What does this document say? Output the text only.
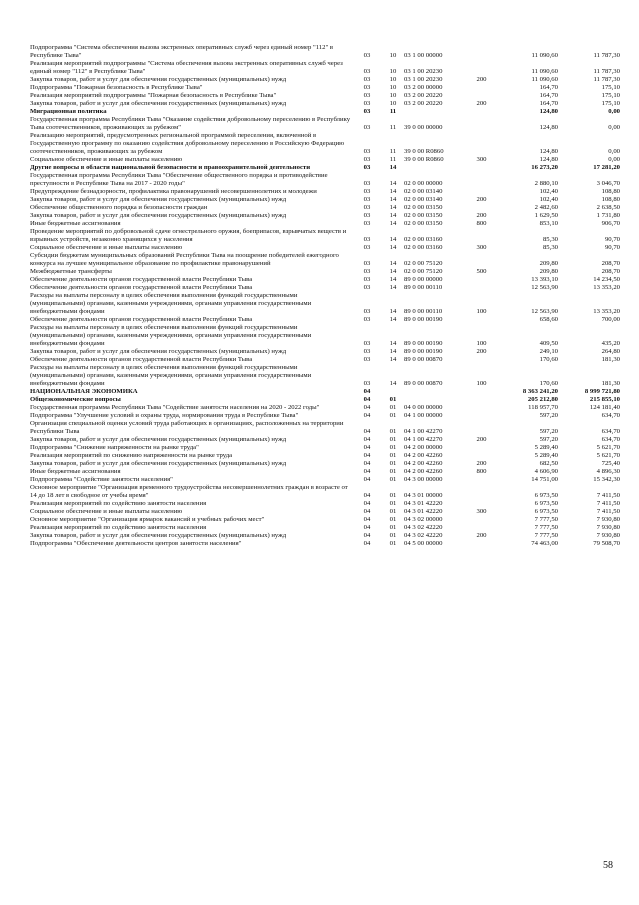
Подпрограмма "Система обеспечения вызова экстренных оперативных служб через единый номер "112" в Республике Тыва"	03	10	03 1 00 00000		11 090,60	11 787,30
Реализация мероприятий подпрограммы "Система обеспечения вызова экстренных оперативных служб через единый номер "112" в Республике Тыва"	03	10	03 1 00 20230		11 090,60	11 787,30
Закупка товаров, работ и услуг для обеспечения государственных (муниципальных) нужд	03	10	03 1 00 20230	200	11 090,60	11 787,30
Подпрограмма "Пожарная безопасность в Республике Тыва"	03	10	03 2 00 00000		164,70	175,10
Реализация мероприятий подпрограммы "Пожарная безопасность в Республике Тыва"	03	10	03 2 00 20220		164,70	175,10
Закупка товаров, работ и услуг для обеспечения государственных (муниципальных) нужд	03	10	03 2 00 20220	200	164,70	175,10
Миграционная политика	03	11			124,80	0,00
Государственная программа Республики Тыва "Оказание содействия добровольному переселению в Республику Тыва соотечественников, проживающих за рубежом"	03	11	39 0 00 00000		124,80	0,00
Реализацию мероприятий, предусмотренных региональной программой переселения, включенной в Государственную программу по оказанию содействия добровольному переселению в Российскую Федерацию соотечественников, проживающих за рубежом	03	11	39 0 00 R0860		124,80	0,00
Социальное обеспечение и иные выплаты населению	03	11	39 0 00 R0860	300	124,80	0,00
Другие вопросы в области национальной безопасности и правоохранительной деятельности	03	14			16 273,20	17 281,20
Государственная программа Республики Тыва "Обеспечение общественного порядка и противодействие преступности в Республике Тыва на 2017 - 2020 годы"	03	14	02 0 00 00000		2 880,10	3 046,70
Предупреждение безнадзорности, профилактика правонарушений несовершеннолетних и молодежи	03	14	02 0 00 03140		102,40	108,80
Закупка товаров, работ и услуг для обеспечения государственных (муниципальных) нужд	03	14	02 0 00 03140	200	102,40	108,80
Обеспечение общественного порядка и безопасности граждан	03	14	02 0 00 03150		2 482,60	2 638,50
Закупка товаров, работ и услуг для обеспечения государственных (муниципальных) нужд	03	14	02 0 00 03150	200	1 629,50	1 731,80
Иные бюджетные ассигнования	03	14	02 0 00 03150	800	853,10	906,70
Проведение мероприятий по добровольной сдаче огнестрельного оружия, боеприпасов, взрывчатых веществ и взрывных устройств, незаконно хранящихся у населения	03	14	02 0 00 03160		85,30	90,70
Социальное обеспечение и иные выплаты населению	03	14	02 0 00 03160	300	85,30	90,70
Субсидии бюджетам муниципальных образований Республики Тыва на поощрение победителей ежегодного конкурса на лучшее муниципальное образование по профилактике правонарушений	03	14	02 0 00 75120		209,80	208,70
Межбюджетные трансферты	03	14	02 0 00 75120	500	209,80	208,70
Обеспечение деятельности органов государственной власти Республики Тыва	03	14	89 0 00 00000		13 393,10	14 234,50
Обеспечение деятельности органов государственной власти Республики Тыва	03	14	89 0 00 00110		12 563,90	13 353,20
Расходы на выплаты персоналу в целях обеспечения выполнения функций государственными (муниципальными) органами, казенными учреждениями, органами управления государственными внебюджетными фондами	03	14	89 0 00 00110	100	12 563,90	13 353,20
Обеспечение деятельности органов государственной власти Республики Тыва	03	14	89 0 00 00190		658,60	700,00
Расходы на выплаты персоналу в целях обеспечения выполнения функций государственными (муниципальными) органами, казенными учреждениями, органами управления государственными внебюджетными фондами	03	14	89 0 00 00190	100	409,50	435,20
Закупка товаров, работ и услуг для обеспечения государственных (муниципальных) нужд	03	14	89 0 00 00190	200	249,10	264,80
Обеспечение деятельности органов государственной власти Республики Тыва	03	14	89 0 00 00870		170,60	181,30
Расходы на выплаты персоналу в целях обеспечения выполнения функций государственными (муниципальными) органами, казенными учреждениями, органами управления государственными внебюджетными фондами	03	14	89 0 00 00870	100	170,60	181,30
НАЦИОНАЛЬНАЯ ЭКОНОМИКА	04				8 363 241,20	8 999 721,80
Общеэкономические вопросы	04	01			205 212,80	215 855,10
Государственная программа Республики Тыва "Содействие занятости населения на 2020 - 2022 годы"	04	01	04 0 00 00000		118 957,70	124 181,40
Подпрограмма "Улучшение условий и охраны труда, нормирования труда в Республике Тыва"	04	01	04 1 00 00000		597,20	634,70
Организация специальной оценки условий труда работающих в организациях, расположенных на территории Республики Тыва	04	01	04 1 00 42270		597,20	634,70
Закупка товаров, работ и услуг для обеспечения государственных (муниципальных) нужд	04	01	04 1 00 42270	200	597,20	634,70
Подпрограмма "Снижение напряженности на рынке труда"	04	01	04 2 00 00000		5 289,40	5 621,70
Реализация мероприятий по снижению напряженности на рынке труда	04	01	04 2 00 42260		5 289,40	5 621,70
Закупка товаров, работ и услуг для обеспечения государственных (муниципальных) нужд	04	01	04 2 00 42260	200	682,50	725,40
Иные бюджетные ассигнования	04	01	04 2 00 42260	800	4 606,90	4 896,30
Подпрограмма "Содействие занятости населения"	04	01	04 3 00 00000		14 751,00	15 342,30
Основное мероприятие "Организация временного трудоустройства несовершеннолетних граждан в возрасте от 14 до 18 лет в свободное от учебы время"	04	01	04 3 01 00000		6 973,50	7 411,50
Реализация мероприятий по содействию занятости населения	04	01	04 3 01 42220		6 973,50	7 411,50
Социальное обеспечение и иные выплаты населению	04	01	04 3 01 42220	300	6 973,50	7 411,50
Основное мероприятие "Организация ярмарок вакансий и учебных рабочих мест"	04	01	04 3 02 00000		7 777,50	7 930,80
Реализация мероприятий по содействию занятости населения	04	01	04 3 02 42220		7 777,50	7 930,80
Закупка товаров, работ и услуг для обеспечения государственных (муниципальных) нужд	04	01	04 3 02 42220	200	7 777,50	7 930,80
Подпрограмма "Обеспечение деятельности центров занятости населения"	04	01	04 5 00 00000		74 463,00	79 508,70
58
